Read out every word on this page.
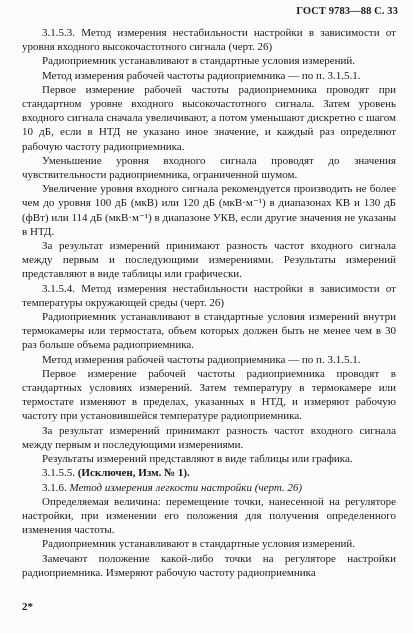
ГОСТ 9783—88 С. 33

3.1.5.3. Метод измерения нестабильности настройки в зависимости от уровня входного высокочастотного сигнала (черт. 26)

Радиоприемник устанавливают в стандартные условия измерений.

Метод измерения рабочей частоты радиоприемника — по п. 3.1.5.1.

Первое измерение рабочей частоты радиоприемника проводят при стандартном уровне входного высокочастотного сигнала. Затем уровень входного сигнала сначала увеличивают, а потом уменьшают дискретно с шагом 10 дБ, если в НТД не указано иное значение, и каждый раз определяют рабочую частоту радиоприемника.

Уменьшение уровня входного сигнала проводят до значения чувствительности радиоприемника, ограниченной шумом.

Увеличение уровня входного сигнала рекомендуется производить не более чем до уровня 100 дБ (мкВ) или 120 дБ (мкВ·м⁻¹) в диапазонах КВ и 130 дБ (фВт) или 114 дБ (мкВ·м⁻¹) в диапазоне УКВ, если другие значения не указаны в НТД.

За результат измерений принимают разность частот входного сигнала между первым и последующими измерениями. Результаты измерений представляют в виде таблицы или графически.

3.1.5.4. Метод измерения нестабильности настройки в зависимости от температуры окружающей среды (черт. 26)

Радиоприемник устанавливают в стандартные условия измерений внутри термокамеры или термостата, объем которых должен быть не менее чем в 30 раз больше объема радиоприемника.

Метод измерения рабочей частоты радиоприемника — по п. 3.1.5.1.

Первое измерение рабочей частоты радиоприемника проводят в стандартных условиях измерений. Затем температуру в термокамере или термостате изменяют в пределах, указанных в НТД, и измеряют рабочую частоту при установившейся температуре радиоприемника.

За результат измерений принимают разность частот входного сигнала между первым и последующими измерениями.

Результаты измерений представляют в виде таблицы или графика.

3.1.5.5. (Исключен, Изм. № 1).

3.1.6. Метод измерения легкости настройки (черт. 26)

Определяемая величина: перемещение точки, нанесенной на регуляторе настройки, при изменении его положения для получения определенного изменения частоты.

Радиоприемник устанавливают в стандартные условия измерений.

Замечают положение какой-либо точки на регуляторе настройки радиоприемника. Измеряют рабочую частоту радиоприемника

2*
